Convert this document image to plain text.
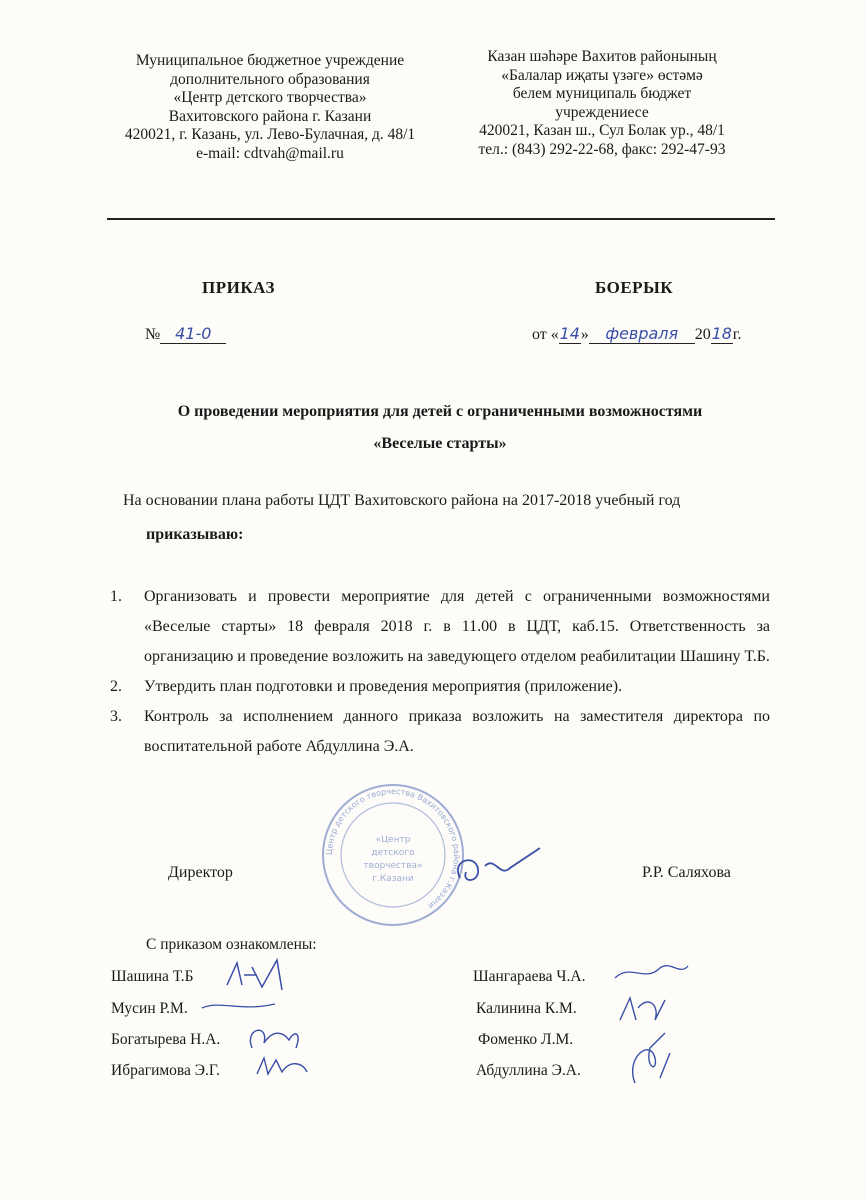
Муниципальное бюджетное учреждение
дополнительного образования
«Центр детского творчества»
Вахитовского района г. Казани
420021, г. Казань, ул. Лево-Булачная, д. 48/1
e-mail: cdtvah@mail.ru
Казан шәһәре Вахитов районының
«Балалар иҗаты үзәге» өстәмә
белем муниципаль бюджет
учреждениесе
420021, Казан ш., Сул Болак ур., 48/1
тел.: (843) 292-22-68, факс: 292-47-93
ПРИКАЗ	БОЕРЫК
№ 41-0	от «14» февраля 2018г.
О проведении мероприятия для детей с ограниченными возможностями
«Веселые старты»
На основании плана работы ЦДТ Вахитовского района на 2017-2018 учебный год
приказываю:
1. Организовать и провести мероприятие для детей с ограниченными возможностями «Веселые старты» 18 февраля 2018 г. в 11.00 в ЦДТ, каб.15. Ответственность за организацию и проведение возложить на заведующего отделом реабилитации Шашину Т.Б.
2. Утвердить план подготовки и проведения мероприятия (приложение).
3. Контроль за исполнением данного приказа возложить на заместителя директора по воспитательной работе Абдуллина Э.А.
Центр детского творчества Вахитовского района г.Казани
«Центр
детского
творчества»
г.Казани
Директор	Р.Р. Саляхова
С приказом ознакомлены:
Шашина Т.Б
Мусин Р.М.
Богатырева Н.А.
Ибрагимова Э.Г.
Шангараева Ч.А.
Калинина К.М.
Фоменко Л.М.
Абдуллина Э.А.
